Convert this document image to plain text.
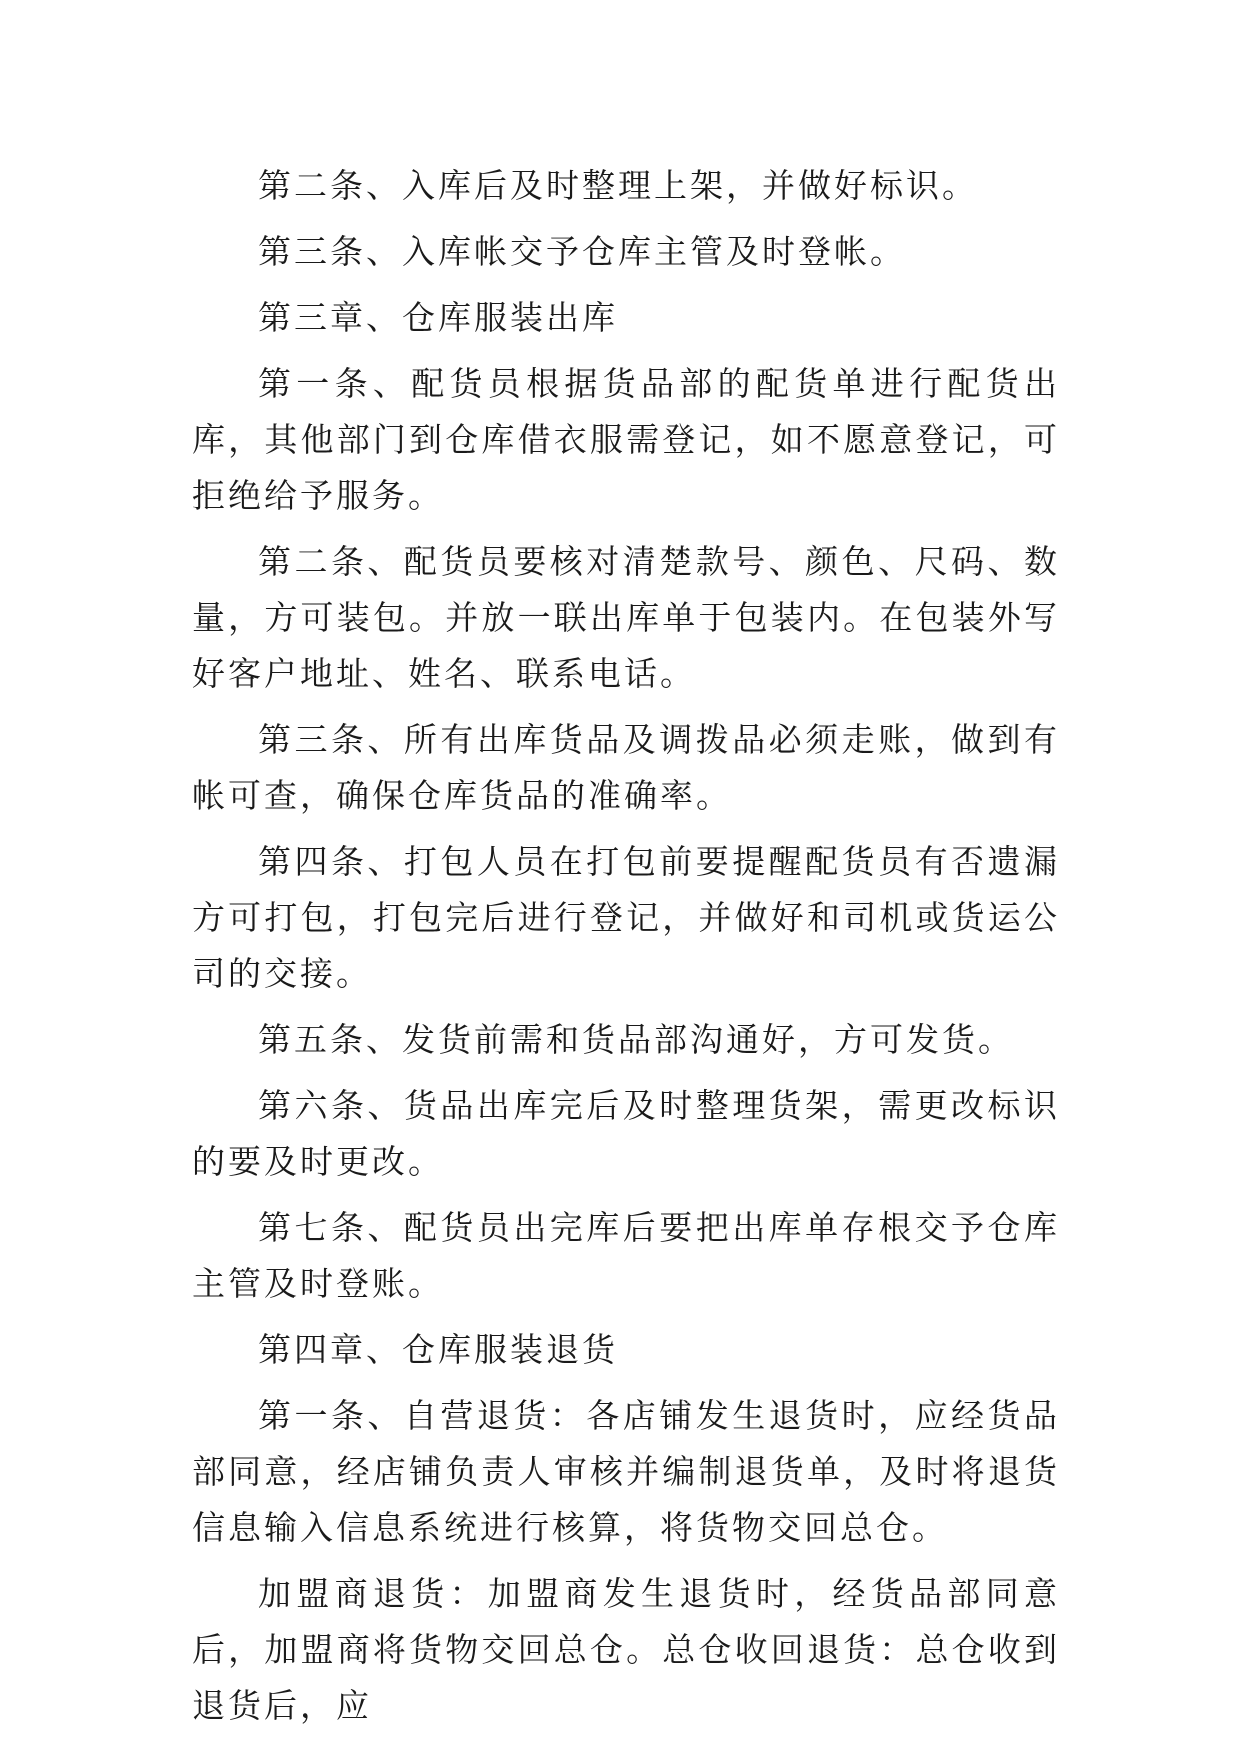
第二条、入库后及时整理上架，并做好标识。

第三条、入库帐交予仓库主管及时登帐。

第三章、仓库服装出库

第一条、配货员根据货品部的配货单进行配货出库，其他部门到仓库借衣服需登记，如不愿意登记，可拒绝给予服务。

第二条、配货员要核对清楚款号、颜色、尺码、数量，方可装包。并放一联出库单于包装内。在包装外写好客户地址、姓名、联系电话。

第三条、所有出库货品及调拨品必须走账，做到有帐可查，确保仓库货品的准确率。

第四条、打包人员在打包前要提醒配货员有否遗漏方可打包，打包完后进行登记，并做好和司机或货运公司的交接。

第五条、发货前需和货品部沟通好，方可发货。

第六条、货品出库完后及时整理货架，需更改标识的要及时更改。

第七条、配货员出完库后要把出库单存根交予仓库主管及时登账。

第四章、仓库服装退货

第一条、自营退货：各店铺发生退货时，应经货品部同意，经店铺负责人审核并编制退货单，及时将退货信息输入信息系统进行核算，将货物交回总仓。

加盟商退货：加盟商发生退货时，经货品部同意后，加盟商将货物交回总仓。总仓收回退货：总仓收到退货后，应
